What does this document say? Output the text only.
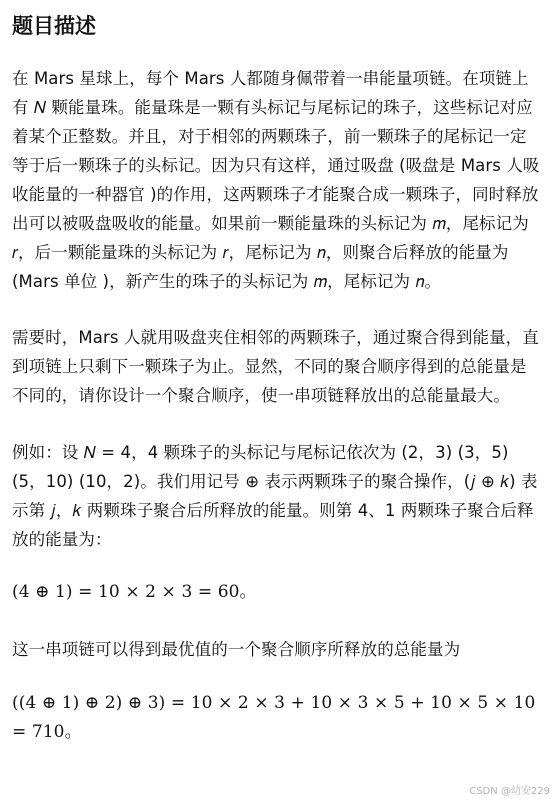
题目描述

在 Mars 星球上，每个 Mars 人都随身佩带着一串能量项链。在项链上有 𝑁 颗能量珠。能量珠是一颗有头标记与尾标记的珠子，这些标记对应着某个正整数。并且，对于相邻的两颗珠子，前一颗珠子的尾标记一定等于后一颗珠子的头标记。因为只有这样，通过吸盘 (吸盘是 Mars 人吸收能量的一种器官 )的作用，这两颗珠子才能聚合成一颗珠子，同时释放出可以被吸盘吸收的能量。如果前一颗能量珠的头标记为 𝑚，尾标记为 𝑟，后一颗能量珠的头标记为 𝑟，尾标记为 𝑛，则聚合后释放的能量为 (Mars 单位 )，新产生的珠子的头标记为 𝑚，尾标记为 𝑛。

需要时，Mars 人就用吸盘夹住相邻的两颗珠子，通过聚合得到能量，直到项链上只剩下一颗珠子为止。显然，不同的聚合顺序得到的总能量是不同的，请你设计一个聚合顺序，使一串项链释放出的总能量最大。

例如：设 𝑁 = 4，4 颗珠子的头标记与尾标记依次为 (2，3) (3，5) (5，10) (10，2)。我们用记号 ⊕ 表示两颗珠子的聚合操作，(𝑗 ⊕ 𝑘) 表示第 𝑗，𝑘 两颗珠子聚合后所释放的能量。则第 4、1 两颗珠子聚合后释放的能量为：

(4 ⊕ 1) = 10 × 2 × 3 = 60。

这一串项链可以得到最优值的一个聚合顺序所释放的总能量为

((4 ⊕ 1) ⊕ 2) ⊕ 3) = 10 × 2 × 3 + 10 × 3 × 5 + 10 × 5 × 10 = 710。

CSDN @幼安229
